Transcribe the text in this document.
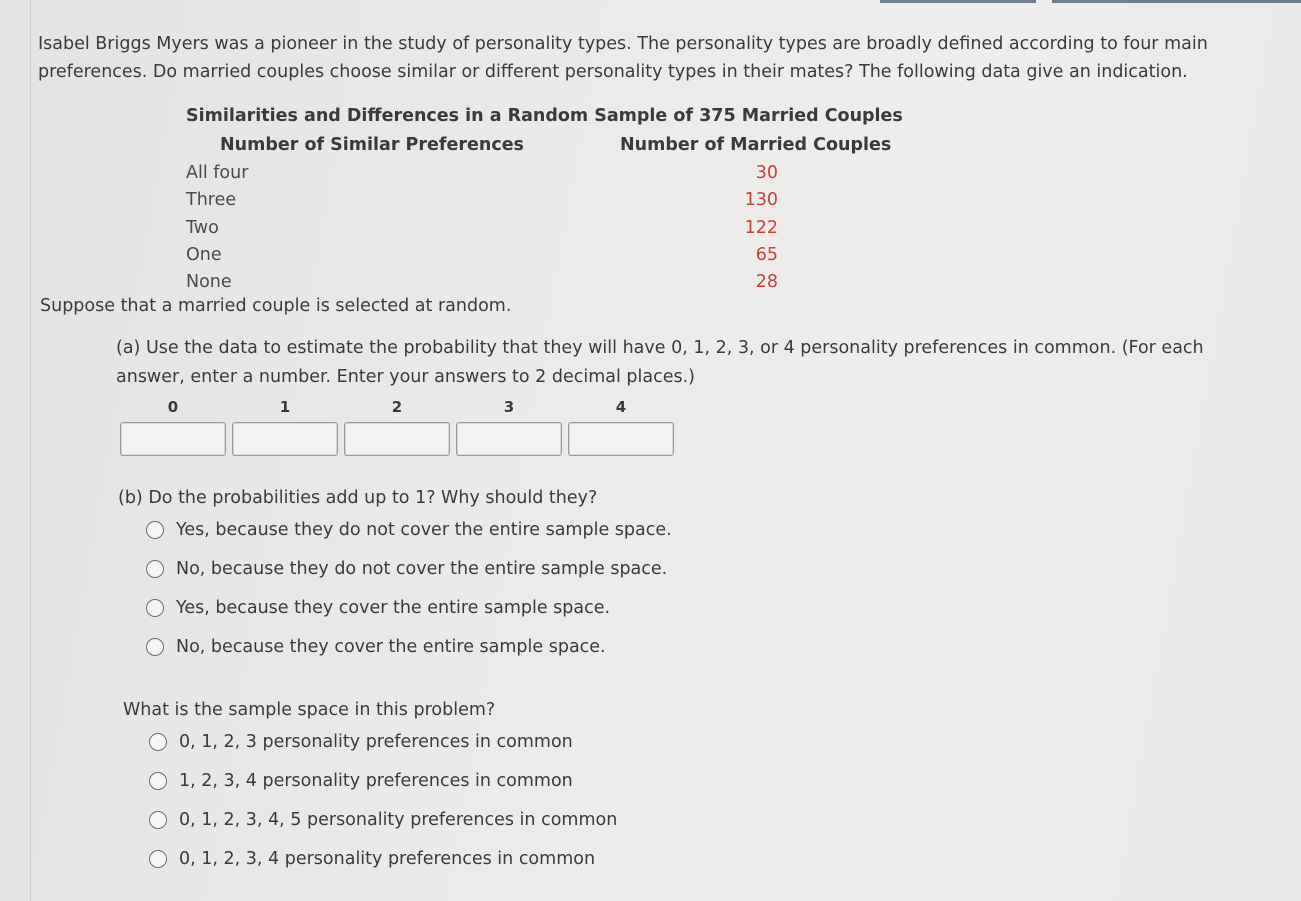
Isabel Briggs Myers was a pioneer in the study of personality types. The personality types are broadly defined according to four main preferences. Do married couples choose similar or different personality types in their mates? The following data give an indication.

Similarities and Differences in a Random Sample of 375 Married Couples

Number of Similar Preferences	Number of Married Couples
All four	30
Three	130
Two	122
One	65
None	28

Suppose that a married couple is selected at random.

(a) Use the data to estimate the probability that they will have 0, 1, 2, 3, or 4 personality preferences in common. (For each answer, enter a number. Enter your answers to 2 decimal places.)

0	1	2	3	4

(b) Do the probabilities add up to 1? Why should they?

Yes, because they do not cover the entire sample space.
No, because they do not cover the entire sample space.
Yes, because they cover the entire sample space.
No, because they cover the entire sample space.

What is the sample space in this problem?

0, 1, 2, 3 personality preferences in common
1, 2, 3, 4 personality preferences in common
0, 1, 2, 3, 4, 5 personality preferences in common
0, 1, 2, 3, 4 personality preferences in common
